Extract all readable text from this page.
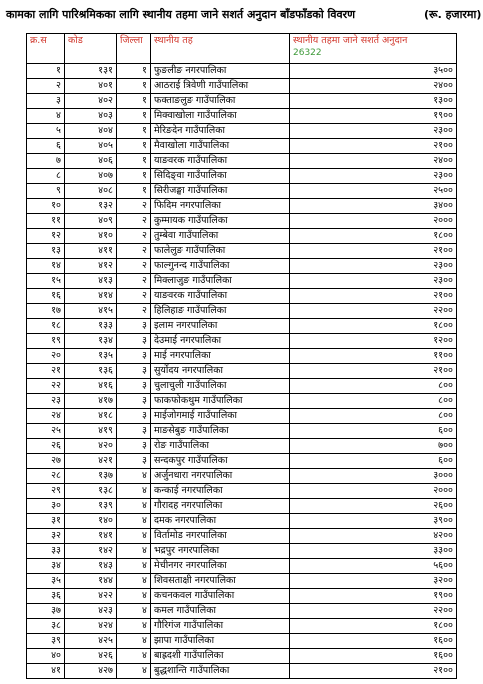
कामका लागि पारिश्रमिकका लागि स्थानीय तहमा जाने सशर्त अनुदान बाँडफाँडको विवरण	(रू. हजारमा)
क्र.स	कोड	जिल्ला	स्थानीय तह	स्थानीय तहमा जाने सशर्त अनुदान
26322

१	१३१	१	फुङलीङ नगरपालिका	३५००
२	४०१	१	आठराई त्रिवेणी गाउँपालिका	२४००
३	४०२	१	फक्ताङलुङ गाउँपालिका	१३००
४	४०३	१	मिक्वाखोला गाउँपालिका	१९००
५	४०४	१	मेरिङदेन गाउँपालिका	२३००
६	४०५	१	मैवाखोला गाउँपालिका	२१००
७	४०६	१	याङवरक गाउँपालिका	२४००
८	४०७	१	सिदिङ्वा गाउँपालिका	२३००
९	४०८	१	सिरीजङ्घा गाउँपालिका	२५००
१०	१३२	२	फिदिम नगरपालिका	३४००
११	४०९	२	कुम्मायक गाउँपालिका	२०००
१२	४१०	२	तुम्बेवा गाउँपालिका	१८००
१३	४११	२	फालेलुङ गाउँपालिका	२१००
१४	४१२	२	फाल्गुनन्द गाउँपालिका	२३००
१५	४१३	२	मिक्लाजुङ गाउँपालिका	२३००
१६	४१४	२	याङवरक गाउँपालिका	२१००
१७	४१५	२	हिलिहाङ गाउँपालिका	२२००
१८	१३३	३	इलाम नगरपालिका	१८००
१९	१३४	३	देउमाई नगरपालिका	१२००
२०	१३५	३	माई नगरपालिका	११००
२१	१३६	३	सुर्योदय नगरपालिका	२१००
२२	४१६	३	चुलाचुली गाउँपालिका	८००
२३	४१७	३	फाकफोकथुम गाउँपालिका	८००
२४	४१८	३	माईजोगमाई गाउँपालिका	८००
२५	४१९	३	माङसेबुङ गाउँपालिका	६००
२६	४२०	३	रोङ गाउँपालिका	७००
२७	४२१	३	सन्दकपुर गाउँपालिका	६००
२८	१३७	४	अर्जुनधारा नगरपालिका	३०००
२९	१३८	४	कन्काई नगरपालिका	२०००
३०	१३९	४	गौरादह नगरपालिका	२६००
३१	१४०	४	दमक नगरपालिका	३९००
३२	१४१	४	विर्तामोड नगरपालिका	४२००
३३	१४२	४	भद्रपुर नगरपालिका	३३००
३४	१४३	४	मेचीनगर नगरपालिका	५६००
३५	१४४	४	शिवसताक्षी नगरपालिका	३२००
३६	४२२	४	कचनकवल गाउँपालिका	१९००
३७	४२३	४	कमल गाउँपालिका	२२००
३८	४२४	४	गौरिगंज गाउँपालिका	१८००
३९	४२५	४	झापा गाउँपालिका	१६००
४०	४२६	४	बाह्रदशी गाउँपालिका	१६००
४१	४२७	४	बुद्धशान्ति गाउँपालिका	२१००
